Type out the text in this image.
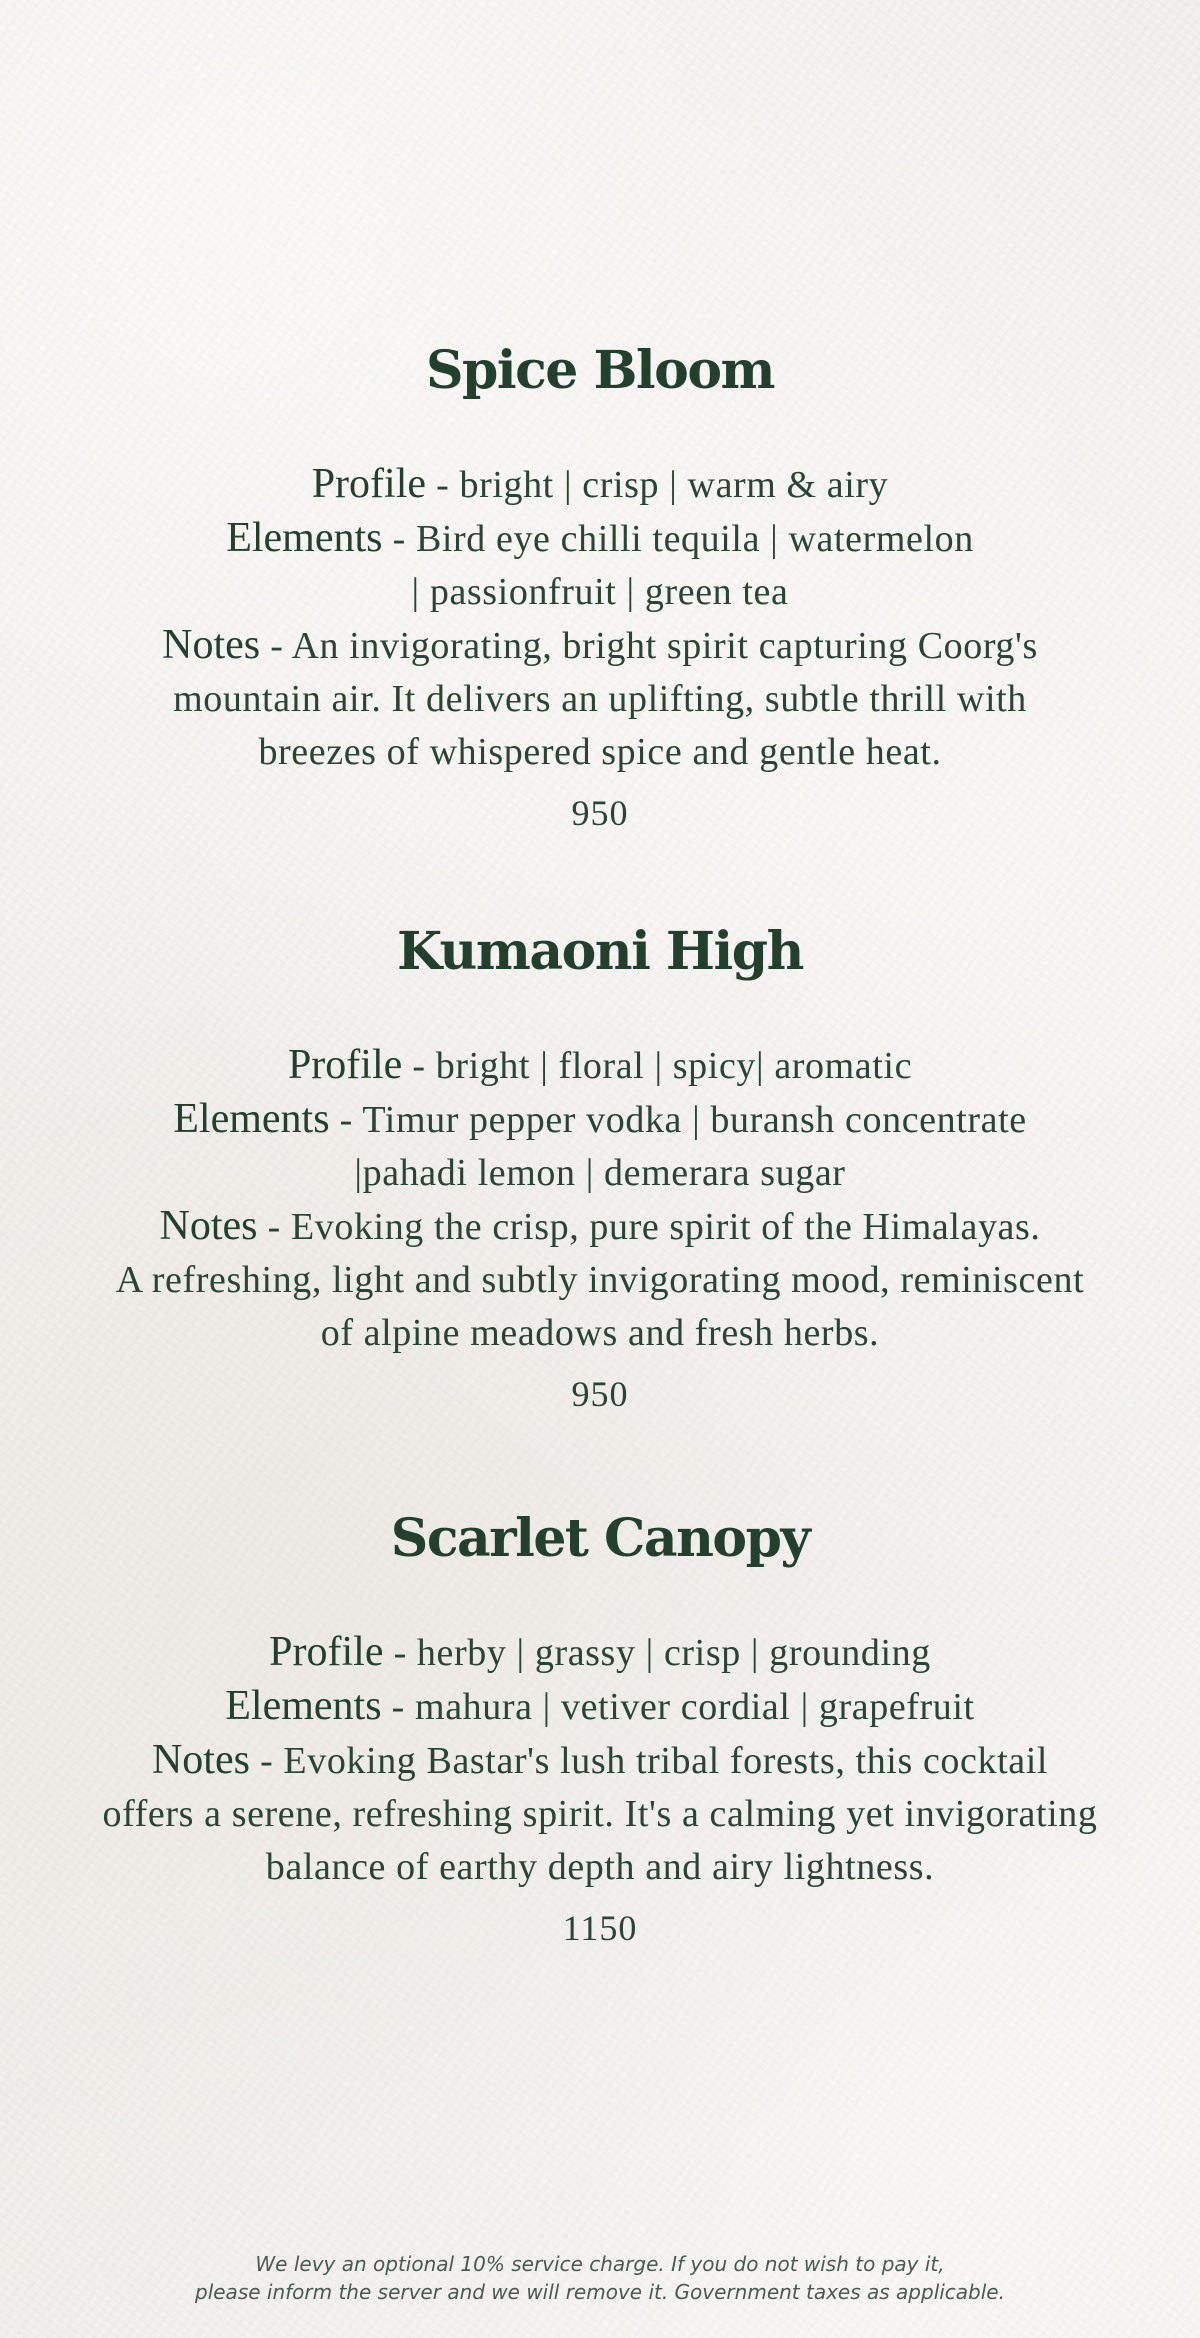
Spice Bloom
Profile - bright | crisp | warm & airy
Elements - Bird eye chilli tequila | watermelon
| passionfruit | green tea
Notes - An invigorating, bright spirit capturing Coorg's
mountain air. It delivers an uplifting, subtle thrill with
breezes of whispered spice and gentle heat.
950
Kumaoni High
Profile - bright | floral | spicy| aromatic
Elements - Timur pepper vodka | buransh concentrate
|pahadi lemon | demerara sugar
Notes - Evoking the crisp, pure spirit of the Himalayas.
A refreshing, light and subtly invigorating mood, reminiscent
of alpine meadows and fresh herbs.
950
Scarlet Canopy
Profile - herby | grassy | crisp | grounding
Elements - mahura | vetiver cordial | grapefruit
Notes - Evoking Bastar's lush tribal forests, this cocktail
offers a serene, refreshing spirit. It's a calming yet invigorating
balance of earthy depth and airy lightness.
1150
We levy an optional 10% service charge. If you do not wish to pay it,
please inform the server and we will remove it. Government taxes as applicable.
